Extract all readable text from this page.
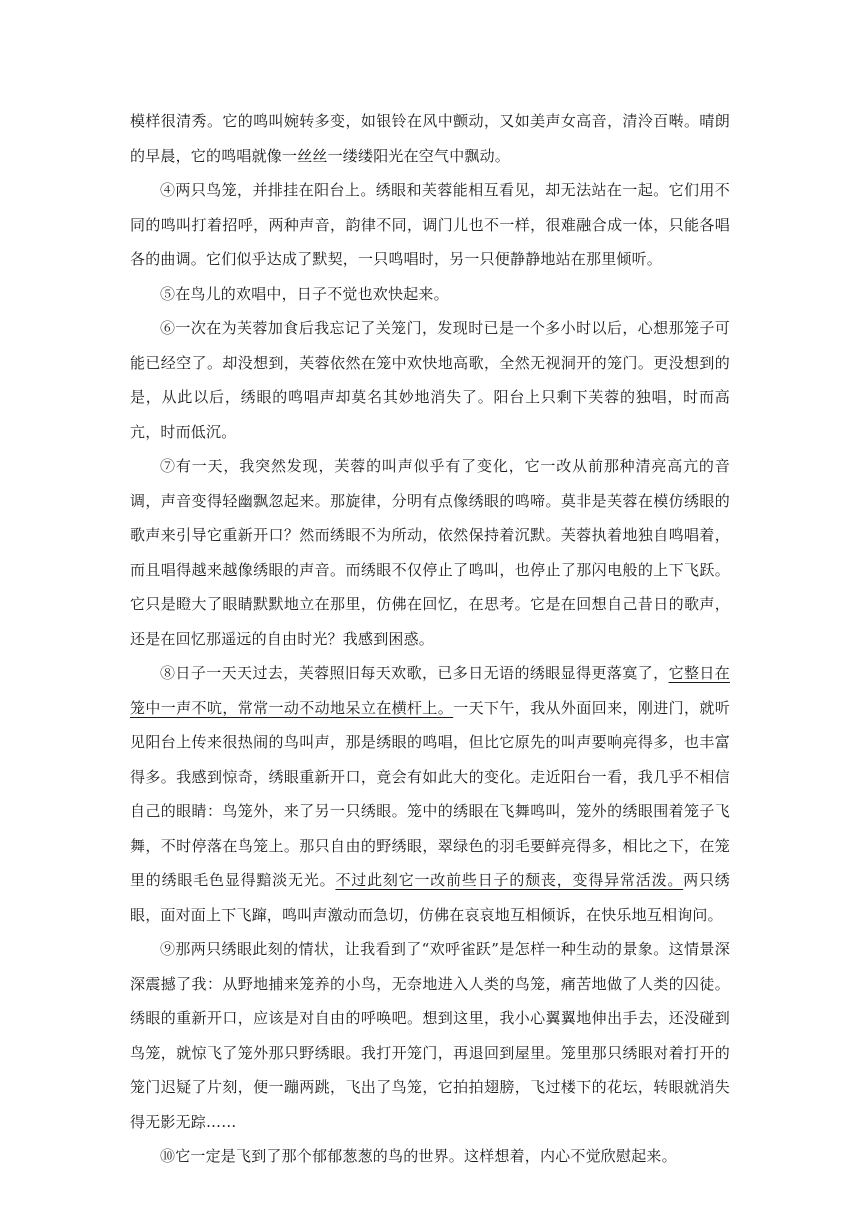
模样很清秀。它的鸣叫婉转多变，如银铃在风中颤动，又如美声女高音，清泠百啭。晴朗的早晨，它的鸣唱就像一丝丝一缕缕阳光在空气中飘动。

④两只鸟笼，并排挂在阳台上。绣眼和芙蓉能相互看见，却无法站在一起。它们用不同的鸣叫打着招呼，两种声音，韵律不同，调门儿也不一样，很难融合成一体，只能各唱各的曲调。它们似乎达成了默契，一只鸣唱时，另一只便静静地站在那里倾听。

⑤在鸟儿的欢唱中，日子不觉也欢快起来。

⑥一次在为芙蓉加食后我忘记了关笼门，发现时已是一个多小时以后，心想那笼子可能已经空了。却没想到，芙蓉依然在笼中欢快地高歌，全然无视洞开的笼门。更没想到的是，从此以后，绣眼的鸣唱声却莫名其妙地消失了。阳台上只剩下芙蓉的独唱，时而高亢，时而低沉。

⑦有一天，我突然发现，芙蓉的叫声似乎有了变化，它一改从前那种清亮高亢的音调，声音变得轻幽飘忽起来。那旋律，分明有点像绣眼的鸣啼。莫非是芙蓉在模仿绣眼的歌声来引导它重新开口？然而绣眼不为所动，依然保持着沉默。芙蓉执着地独自鸣唱着，而且唱得越来越像绣眼的声音。而绣眼不仅停止了鸣叫，也停止了那闪电般的上下飞跃。它只是瞪大了眼睛默默地立在那里，仿佛在回忆，在思考。它是在回想自己昔日的歌声，还是在回忆那遥远的自由时光？我感到困惑。

⑧日子一天天过去，芙蓉照旧每天欢歌，已多日无语的绣眼显得更落寞了，它整日在笼中一声不吭，常常一动不动地呆立在横杆上。一天下午，我从外面回来，刚进门，就听见阳台上传来很热闹的鸟叫声，那是绣眼的鸣唱，但比它原先的叫声要响亮得多，也丰富得多。我感到惊奇，绣眼重新开口，竟会有如此大的变化。走近阳台一看，我几乎不相信自己的眼睛：鸟笼外，来了另一只绣眼。笼中的绣眼在飞舞鸣叫，笼外的绣眼围着笼子飞舞，不时停落在鸟笼上。那只自由的野绣眼，翠绿色的羽毛要鲜亮得多，相比之下，在笼里的绣眼毛色显得黯淡无光。不过此刻它一改前些日子的颓丧，变得异常活泼。两只绣眼，面对面上下飞蹿，鸣叫声激动而急切，仿佛在哀哀地互相倾诉，在快乐地互相询问。

⑨那两只绣眼此刻的情状，让我看到了“欢呼雀跃”是怎样一种生动的景象。这情景深深震撼了我：从野地捕来笼养的小鸟，无奈地进入人类的鸟笼，痛苦地做了人类的囚徒。绣眼的重新开口，应该是对自由的呼唤吧。想到这里，我小心翼翼地伸出手去，还没碰到鸟笼，就惊飞了笼外那只野绣眼。我打开笼门，再退回到屋里。笼里那只绣眼对着打开的笼门迟疑了片刻，便一蹦两跳，飞出了鸟笼，它拍拍翅膀，飞过楼下的花坛，转眼就消失得无影无踪……

⑩它一定是飞到了那个郁郁葱葱的鸟的世界。这样想着，内心不觉欣慰起来。
